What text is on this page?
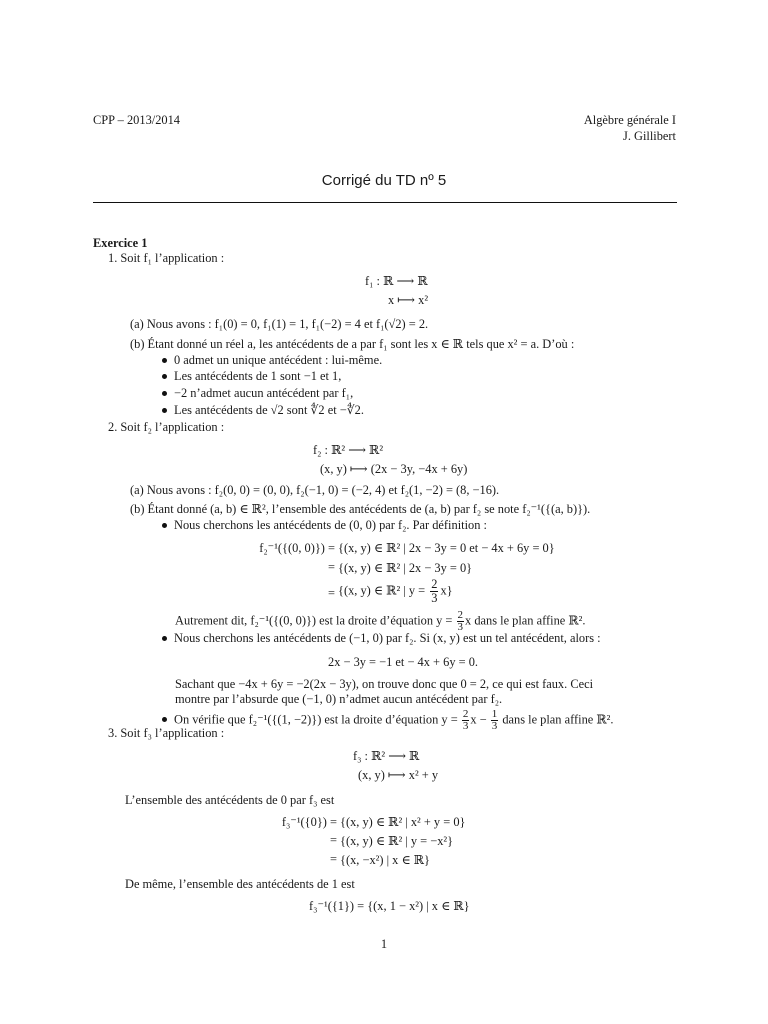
CPP – 2013/2014	Algèbre générale I
J. Gillibert
Corrigé du TD nº 5
Exercice 1
1. Soit f₁ l’application :
f₁ : ℝ ⟶ ℝ
x ⟼ x²
(a) Nous avons : f₁(0) = 0, f₁(1) = 1, f₁(−2) = 4 et f₁(√2) = 2.
(b) Étant donné un réel a, les antécédents de a par f₁ sont les x ∈ ℝ tels que x² = a. D’où :
0 admet un unique antécédent : lui-même.
Les antécédents de 1 sont −1 et 1,
−2 n’admet aucun antécédent par f₁,
Les antécédents de √2 sont ∜2 et −∜2.
2. Soit f₂ l’application :
f₂ : ℝ² ⟶ ℝ²
(x, y) ⟼ (2x − 3y, −4x + 6y)
(a) Nous avons : f₂(0, 0) = (0, 0), f₂(−1, 0) = (−2, 4) et f₂(1, −2) = (8, −16).
(b) Étant donné (a, b) ∈ ℝ², l’ensemble des antécédents de (a, b) par f₂ se note f₂⁻¹({(a, b)}).
Nous cherchons les antécédents de (0, 0) par f₂. Par définition :
f₂⁻¹({(0, 0)}) = {(x, y) ∈ ℝ² | 2x − 3y = 0 et − 4x + 6y = 0}
= {(x, y) ∈ ℝ² | 2x − 3y = 0}
= {(x, y) ∈ ℝ² | $y = \frac{2}{3} x$}
Autrement dit, f₂⁻¹({(0, 0)}) est la droite d’équation $y = \frac{2}{3}$ x dans le plan affine ℝ².
Nous cherchons les antécédents de (−1, 0) par f₂. Si (x, y) est un tel antécédent, alors :
2x − 3y = −1 et − 4x + 6y = 0.
Sachant que −4x + 6y = −2(2x − 3y), on trouve donc que 0 = 2, ce qui est faux. Ceci
montre par l’absurde que (−1, 0) n’admet aucun antécédent par f₂.
On vérifie que f₂⁻¹({(1, −2)}) est la droite d’équation $y = \frac{2}{3}$ $x - \frac{1}{3}$ dans le plan affine ℝ².
3. Soit f₃ l’application :
f₃ : ℝ² ⟶ ℝ
(x, y) ⟼ x² + y
L’ensemble des antécédents de 0 par f₃ est
f₃⁻¹({0}) = {(x, y) ∈ ℝ² | x² + y = 0}
= {(x, y) ∈ ℝ² | y = −x²}
= {(x, −x²) | x ∈ ℝ}
De même, l’ensemble des antécédents de 1 est
f₃⁻¹({1}) = {(x, 1 − x²) | x ∈ ℝ}
1
